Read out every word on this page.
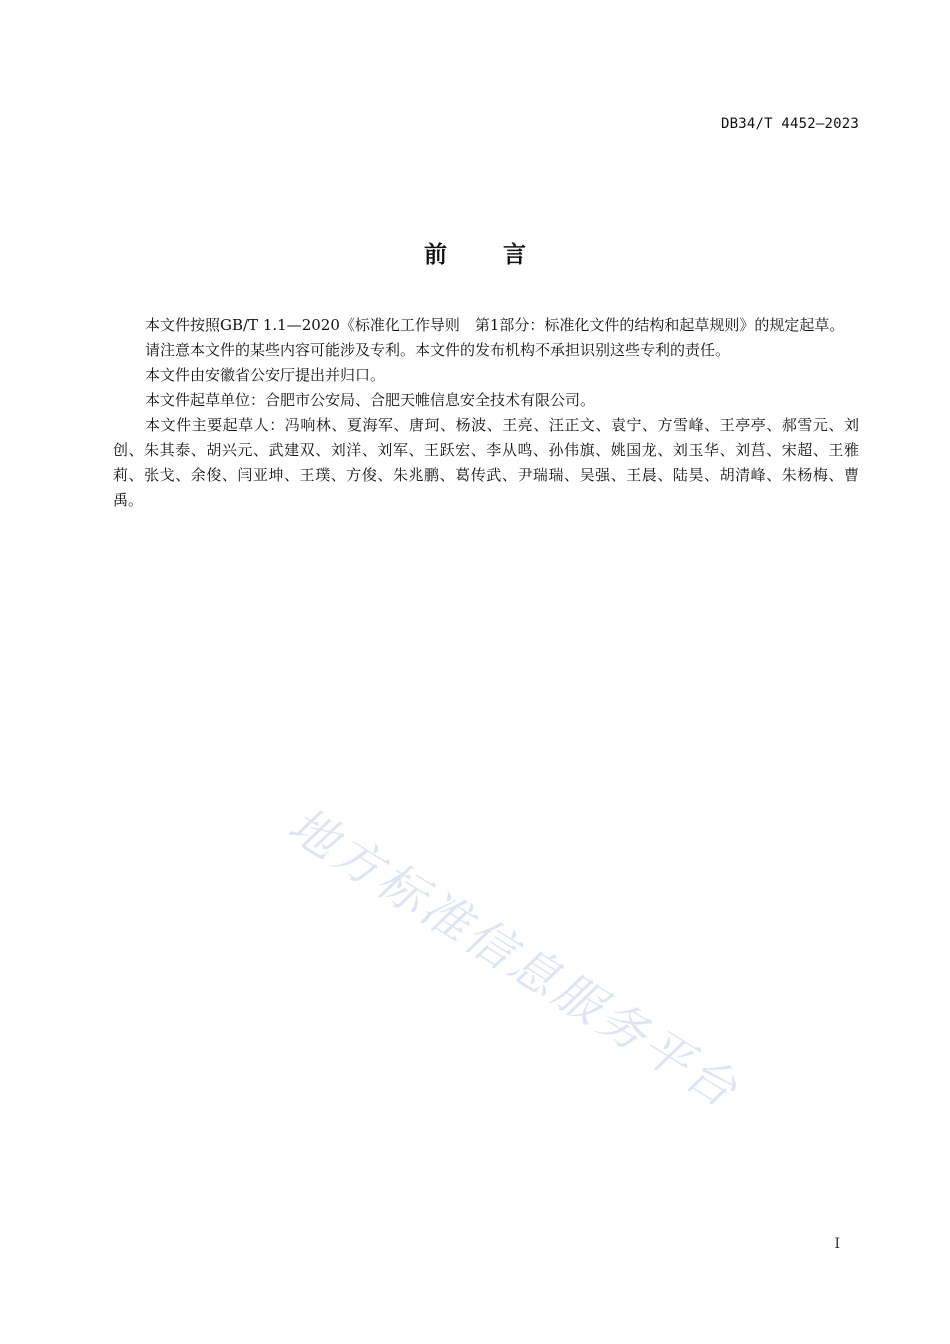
DB34/T 4452—2023
前言

本文件按照GB/T 1.1—2020《标准化工作导则　第1部分：标准化文件的结构和起草规则》的规定起草。

请注意本文件的某些内容可能涉及专利。本文件的发布机构不承担识别这些专利的责任。

本文件由安徽省公安厅提出并归口。

本文件起草单位：合肥市公安局、合肥天帷信息安全技术有限公司。

本文件主要起草人：冯响林、夏海军、唐珂、杨波、王亮、汪正文、袁宁、方雪峰、王亭亭、郝雪元、刘创、朱其泰、胡兴元、武建双、刘洋、刘军、王跃宏、李从鸣、孙伟旗、姚国龙、刘玉华、刘莒、宋超、王雅莉、张戈、余俊、闫亚坤、王璞、方俊、朱兆鹏、葛传武、尹瑞瑞、吴强、王晨、陆昊、胡清峰、朱杨梅、曹禹。

地方标准信息服务平台
I
